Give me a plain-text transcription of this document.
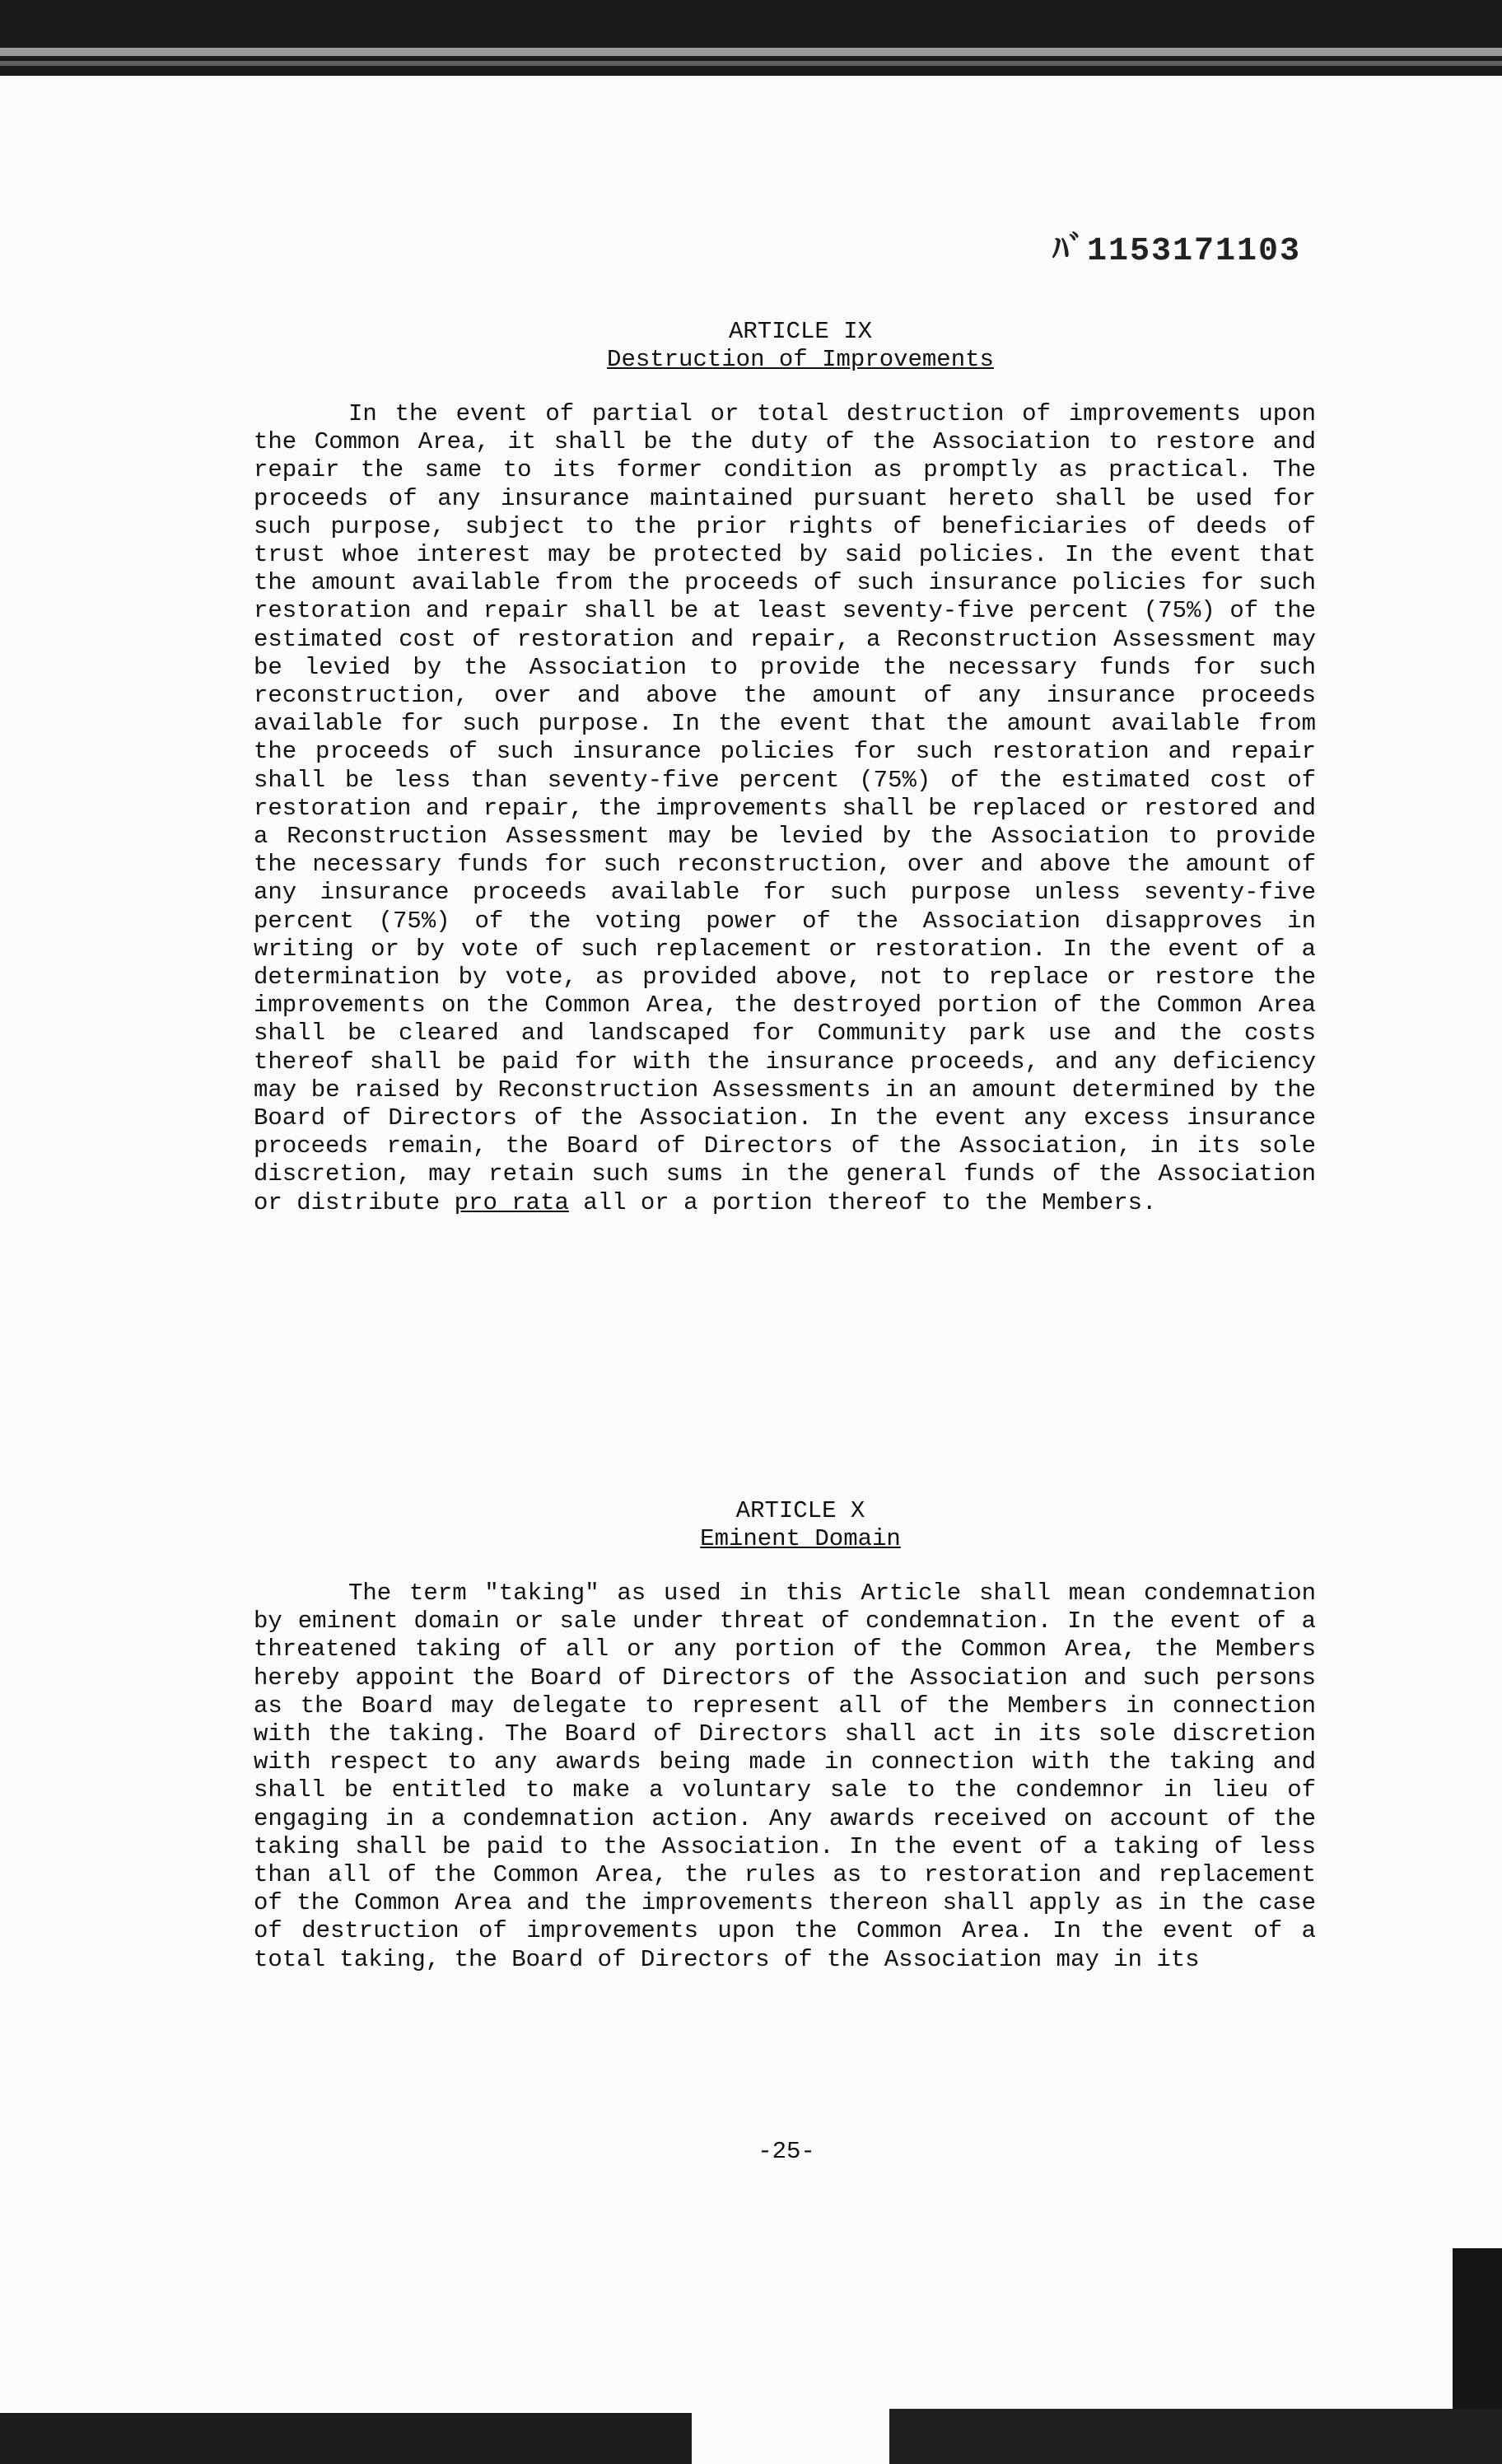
ﾊﾞ1153171103
ARTICLE IX
Destruction of Improvements

In the event of partial or total destruction of improvements upon the Common Area, it shall be the duty of the Association to restore and repair the same to its former condition as promptly as practical. The proceeds of any insurance maintained pursuant hereto shall be used for such purpose, subject to the prior rights of beneficiaries of deeds of trust whoe interest may be protected by said policies. In the event that the amount available from the proceeds of such insurance policies for such restoration and repair shall be at least seventy-five percent (75%) of the estimated cost of restoration and repair, a Reconstruction Assessment may be levied by the Association to provide the necessary funds for such reconstruction, over and above the amount of any insurance proceeds available for such purpose. In the event that the amount available from the proceeds of such insurance policies for such restoration and repair shall be less than seventy-five percent (75%) of the estimated cost of restoration and repair, the improvements shall be replaced or restored and a Reconstruction Assessment may be levied by the Association to provide the necessary funds for such reconstruction, over and above the amount of any insurance proceeds available for such purpose unless seventy-five percent (75%) of the voting power of the Association disapproves in writing or by vote of such replacement or restoration. In the event of a determination by vote, as provided above, not to replace or restore the improvements on the Common Area, the destroyed portion of the Common Area shall be cleared and landscaped for Community park use and the costs thereof shall be paid for with the insurance proceeds, and any deficiency may be raised by Reconstruction Assessments in an amount determined by the Board of Directors of the Association. In the event any excess insurance proceeds remain, the Board of Directors of the Association, in its sole discretion, may retain such sums in the general funds of the Association or distribute pro rata all or a portion thereof to the Members.

ARTICLE X
Eminent Domain

The term "taking" as used in this Article shall mean condemnation by eminent domain or sale under threat of condemnation. In the event of a threatened taking of all or any portion of the Common Area, the Members hereby appoint the Board of Directors of the Association and such persons as the Board may delegate to represent all of the Members in connection with the taking. The Board of Directors shall act in its sole discretion with respect to any awards being made in connection with the taking and shall be entitled to make a voluntary sale to the condemnor in lieu of engaging in a condemnation action. Any awards received on account of the taking shall be paid to the Association. In the event of a taking of less than all of the Common Area, the rules as to restoration and replacement of the Common Area and the improvements thereon shall apply as in the case of destruction of improvements upon the Common Area. In the event of a total taking, the Board of Directors of the Association may in its

-25-
